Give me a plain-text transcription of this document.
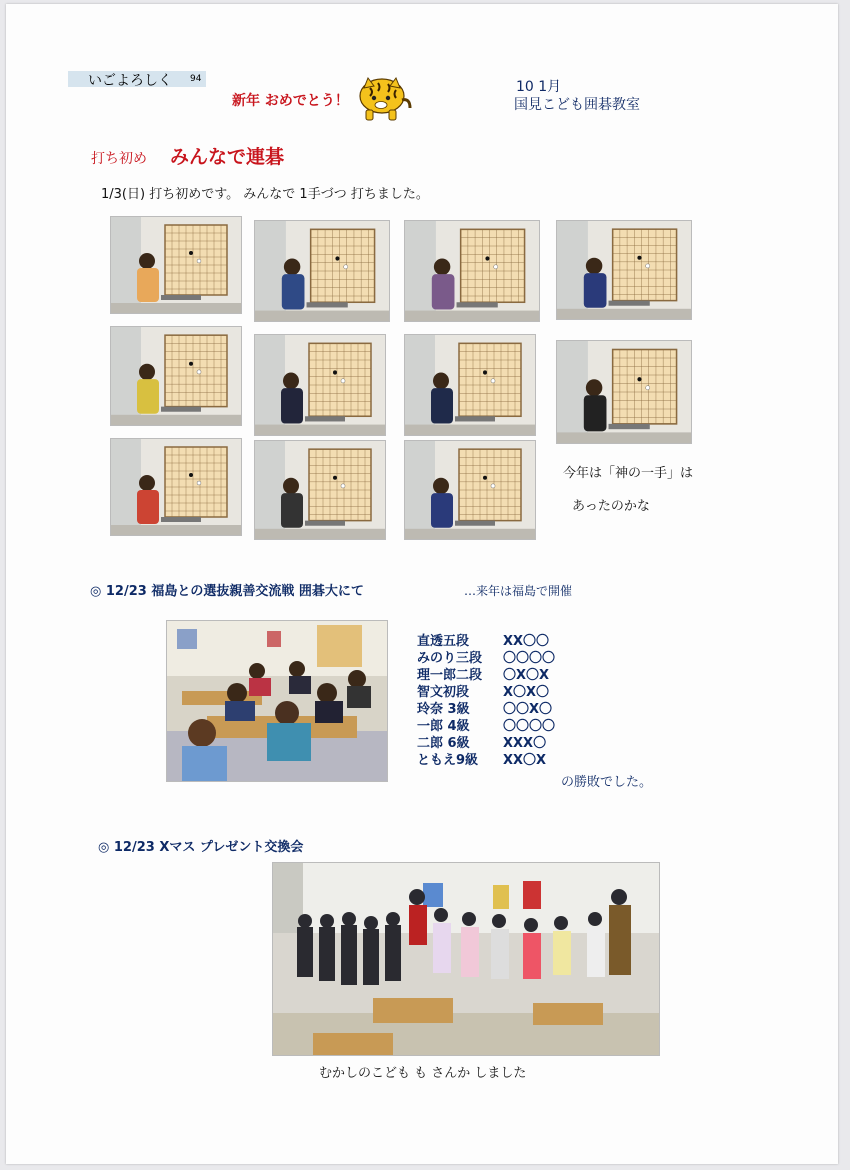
いごよろしく 94
新年 おめでとう！
10 1月
国見こども囲碁教室
打ち初め みんなで連碁
1/3(日) 打ち初めです。 みんなで 1手づつ 打ちました。
今年は「神の一手」は
あったのかな
◎ 12/23 福島との選抜親善交流戦 囲碁大にて	…来年は福島で開催
直透五段	XX〇〇
みのり三段 〇〇〇〇
理一郎二段 〇X〇X
智文初段	X〇X〇
玲奈 3級	〇〇X〇
一郎 4級	〇〇〇〇
二郎 6級	XXX〇
ともえ9級 XX〇X
の勝敗でした。
◎ 12/23 Xマス プレゼント交換会
むかしのこども も さんか しました
